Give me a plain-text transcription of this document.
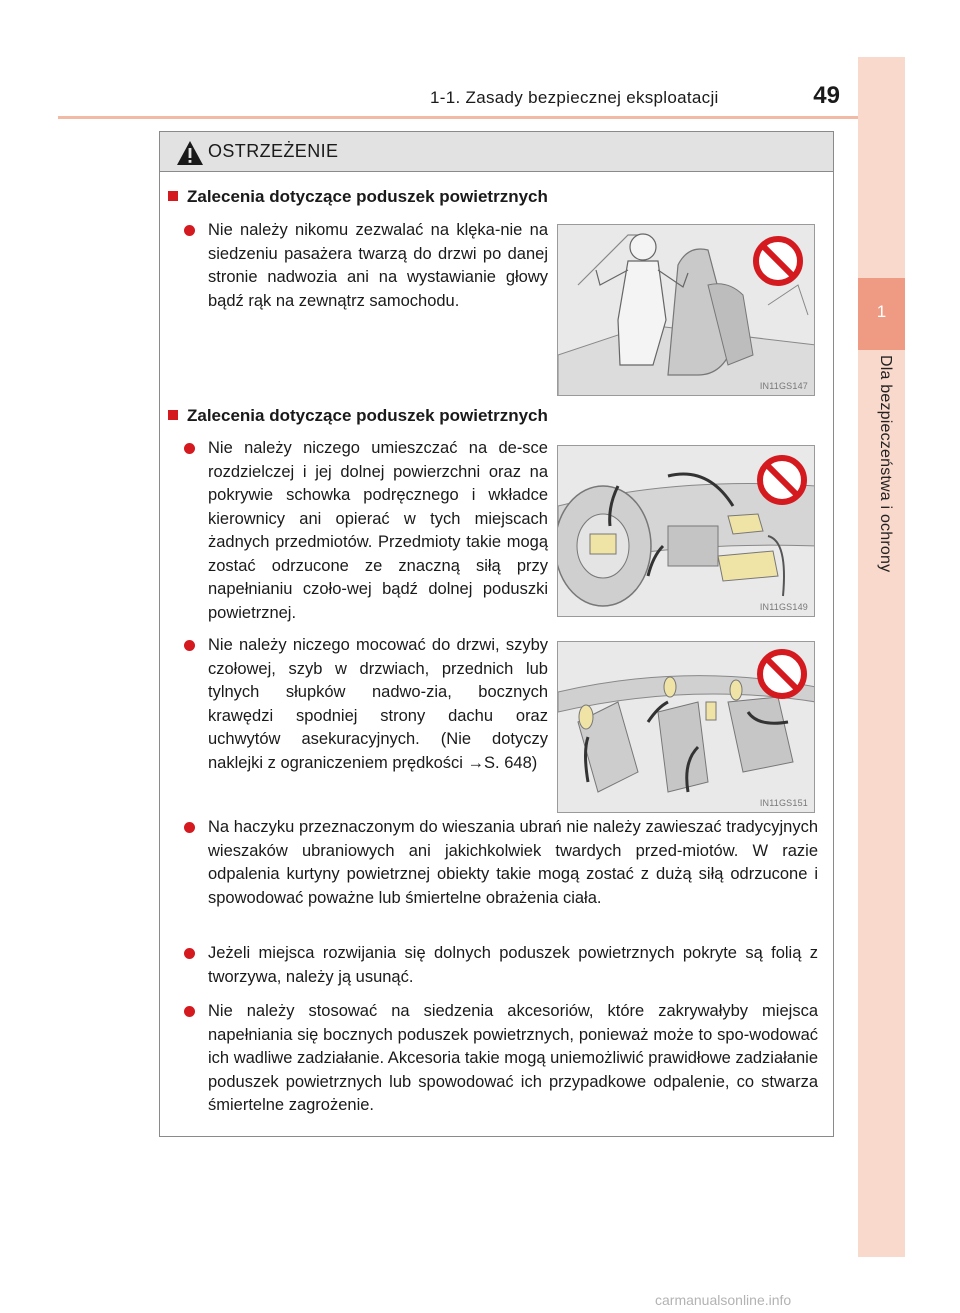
1-1. Zasady bezpiecznej eksploatacji	49
1
Dla bezpieczeństwa i ochrony
OSTRZEŻENIE
Zalecenia dotyczące poduszek powietrznych
Nie należy nikomu zezwalać na klęka-nie na siedzeniu pasażera twarzą do drzwi po danej stronie nadwozia ani na wystawianie głowy bądź rąk na zewnątrz samochodu.
IN11GS147
Zalecenia dotyczące poduszek powietrznych
Nie należy niczego umieszczać na de-sce rozdzielczej i jej dolnej powierzchni oraz na pokrywie schowka podręcznego i wkładce kierownicy ani opierać w tych miejscach żadnych przedmiotów. Przedmioty takie mogą zostać odrzucone ze znaczną siłą przy napełnianiu czoło-wej bądź dolnej poduszki powietrznej.	IN11GS149
Nie należy niczego mocować do drzwi, szyby czołowej, szyb w drzwiach, przednich lub tylnych słupków nadwo-zia, bocznych krawędzi spodniej strony dachu oraz uchwytów asekuracyjnych. (Nie dotyczy naklejki z ograniczeniem prędkości →S. 648)
IN11GS151
Na haczyku przeznaczonym do wieszania ubrań nie należy zawieszać tradycyjnych wieszaków ubraniowych ani jakichkolwiek twardych przed-miotów. W razie odpalenia kurtyny powietrznej obiekty takie mogą zostać z dużą siłą odrzucone i spowodować poważne lub śmiertelne obrażenia ciała.
Jeżeli miejsca rozwijania się dolnych poduszek powietrznych pokryte są folią z tworzywa, należy ją usunąć.
Nie należy stosować na siedzenia akcesoriów, które zakrywałyby miejsca napełniania się bocznych poduszek powietrznych, ponieważ może to spo-wodować ich wadliwe zadziałanie. Akcesoria takie mogą uniemożliwić prawidłowe zadziałanie poduszek powietrznych lub spowodować ich przypadkowe odpalenie, co stwarza śmiertelne zagrożenie.
carmanualsonline.info
